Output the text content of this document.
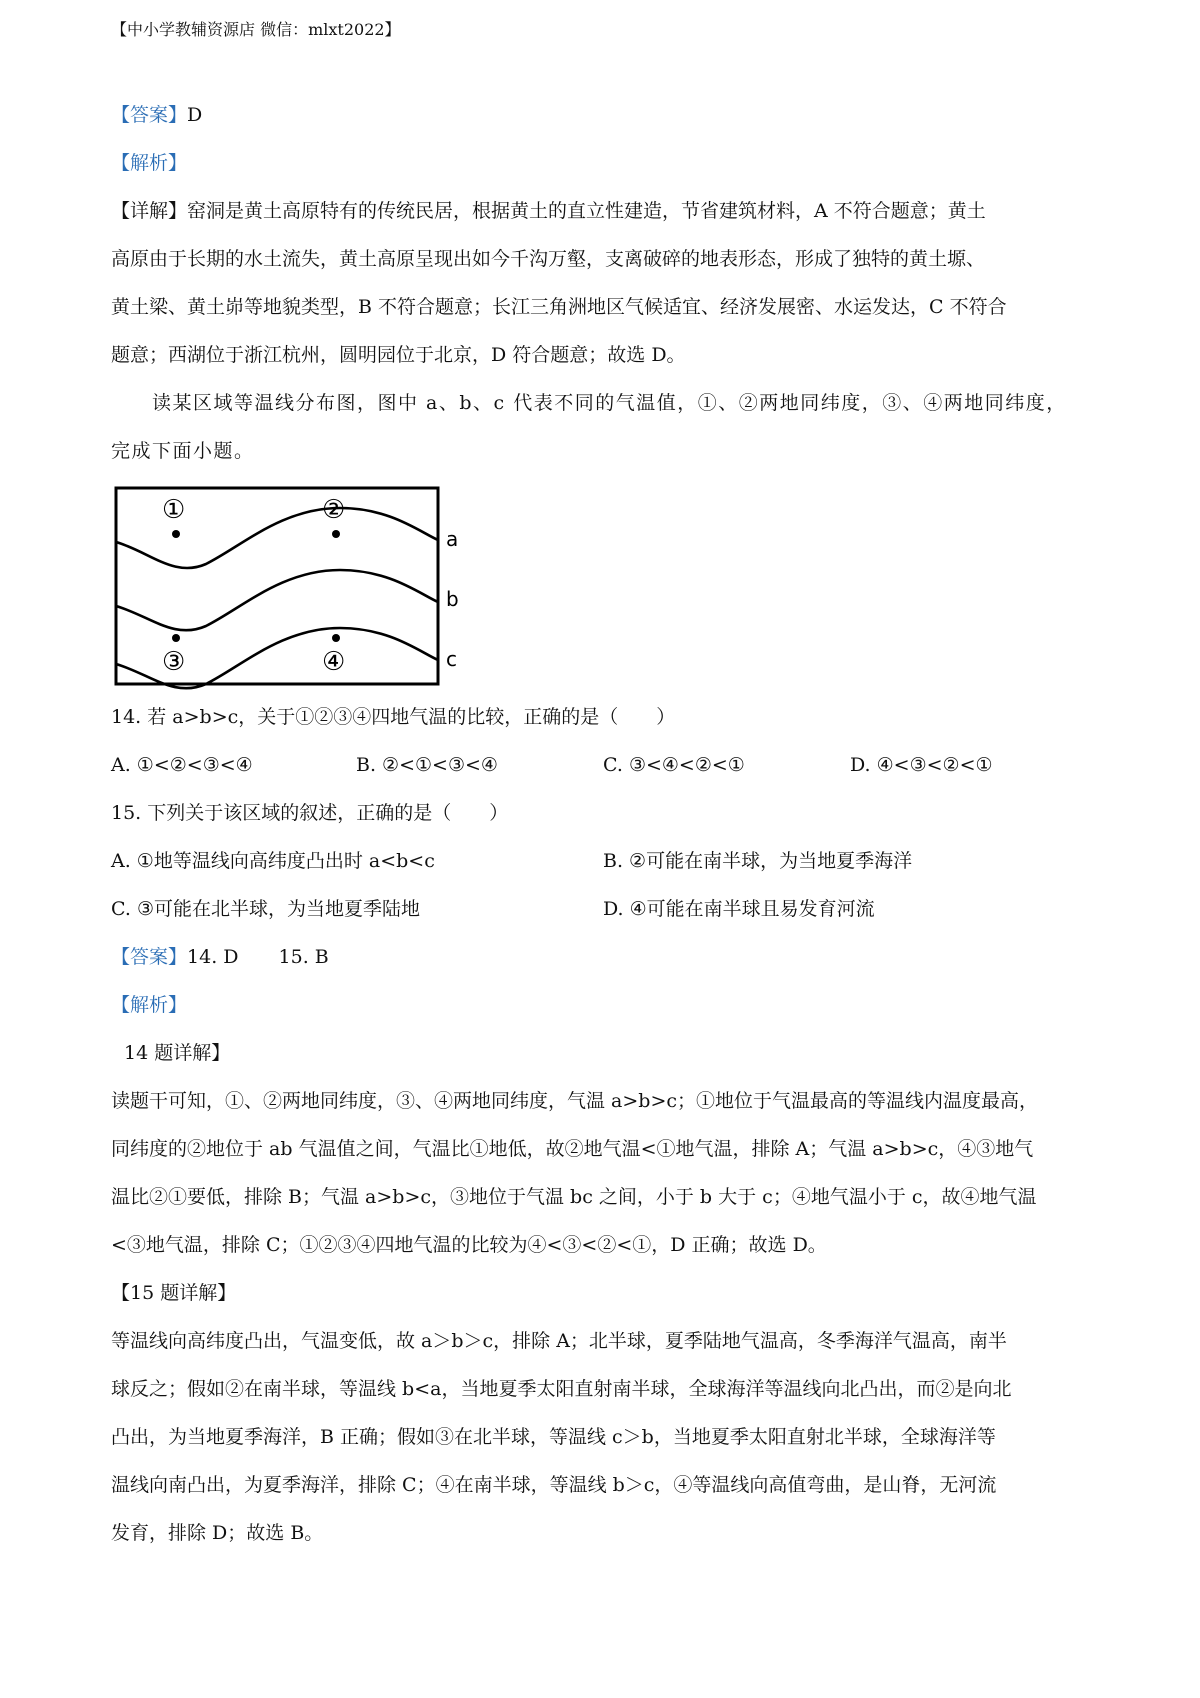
【中小学教辅资源店 微信：mlxt2022】
【答案】D
【解析】
【详解】窑洞是黄土高原特有的传统民居，根据黄土的直立性建造，节省建筑材料，A 不符合题意；黄土
高原由于长期的水土流失，黄土高原呈现出如今千沟万壑，支离破碎的地表形态，形成了独特的黄土塬、
黄土梁、黄土峁等地貌类型，B 不符合题意；长江三角洲地区气候适宜、经济发展密、水运发达，C 不符合
题意；西湖位于浙江杭州，圆明园位于北京，D 符合题意；故选 D。
读某区域等温线分布图，图中 a、b、c 代表不同的气温值，①、②两地同纬度，③、④两地同纬度，
完成下面小题。
①	②
③	④
a
b
c
14. 若 a>b>c，关于①②③④四地气温的比较，正确的是（　　）
A. ①<②<③<④	B. ②<①<③<④	C. ③<④<②<①	D. ④<③<②<①
15. 下列关于该区域的叙述，正确的是（　　）
A. ①地等温线向高纬度凸出时 a<b<c	B. ②可能在南半球，为当地夏季海洋
C. ③可能在北半球，为当地夏季陆地	D. ④可能在南半球且易发育河流
【答案】14. D 15. B
【解析】
14 题详解】
读题干可知，①、②两地同纬度，③、④两地同纬度，气温 a>b>c；①地位于气温最高的等温线内温度最高，
同纬度的②地位于 ab 气温值之间，气温比①地低，故②地气温<①地气温，排除 A；气温 a>b>c，④③地气
温比②①要低，排除 B；气温 a>b>c，③地位于气温 bc 之间，小于 b 大于 c；④地气温小于 c，故④地气温
<③地气温，排除 C；①②③④四地气温的比较为④<③<②<①，D 正确；故选 D。
【15 题详解】
等温线向高纬度凸出，气温变低，故 a＞b＞c，排除 A；北半球，夏季陆地气温高，冬季海洋气温高，南半
球反之；假如②在南半球，等温线 b<a，当地夏季太阳直射南半球，全球海洋等温线向北凸出，而②是向北
凸出，为当地夏季海洋，B 正确；假如③在北半球，等温线 c＞b，当地夏季太阳直射北半球，全球海洋等
温线向南凸出，为夏季海洋，排除 C；④在南半球，等温线 b＞c，④等温线向高值弯曲，是山脊，无河流
发育，排除 D；故选 B。
